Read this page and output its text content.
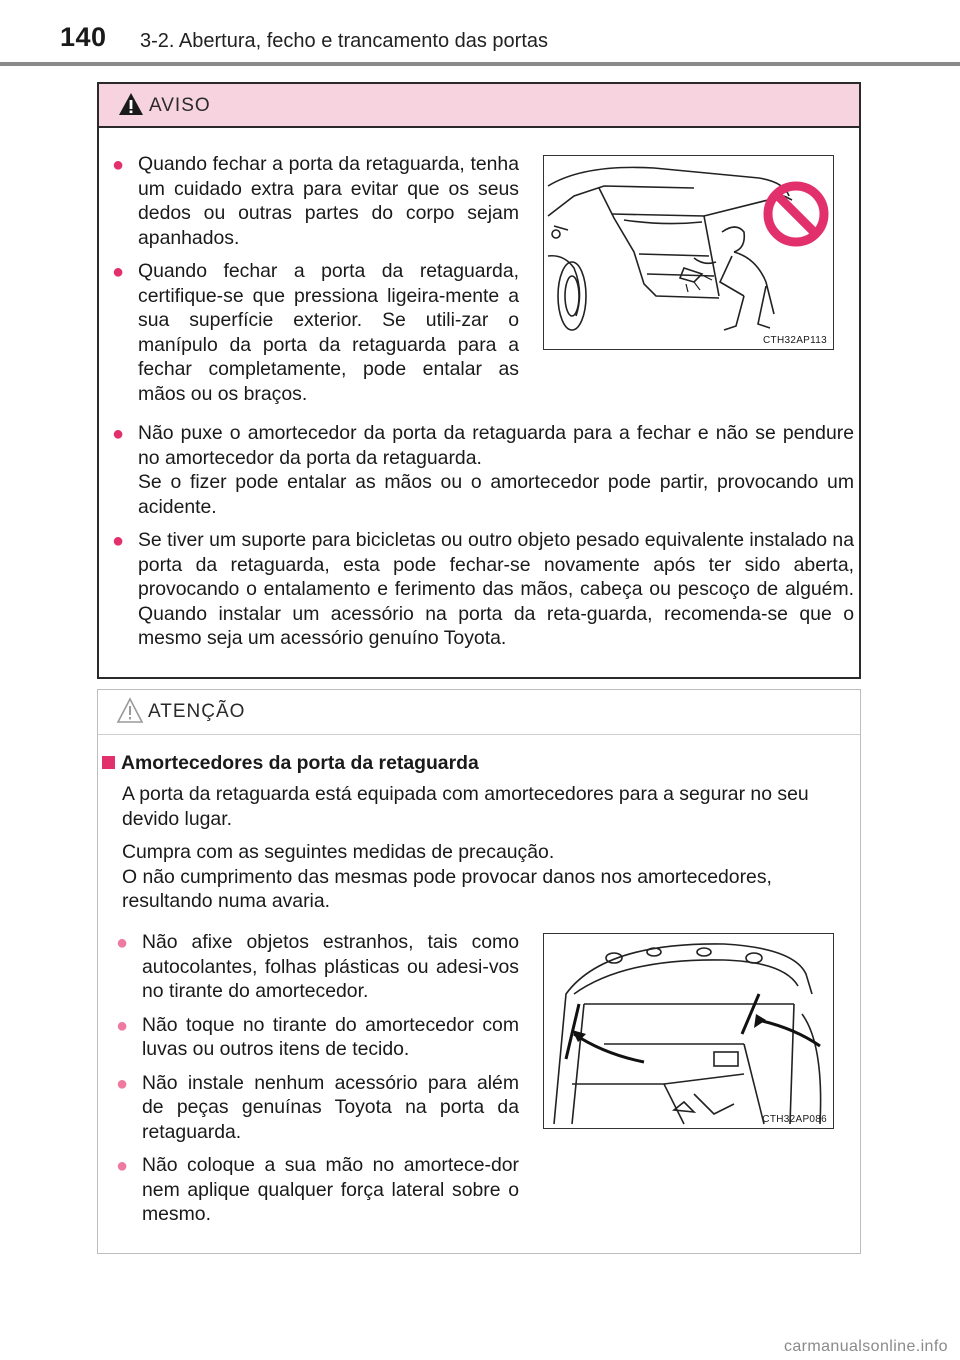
140 3-2. Abertura, fecho e trancamento das portas
AVISO
● Quando fechar a porta da retaguarda, tenha um cuidado extra para evitar que os seus dedos ou outras partes do corpo sejam apanhados.

● Quando fechar a porta da retaguarda, certifique-se que pressiona ligeira-mente a sua superfície exterior. Se utili-zar o manípulo da porta da retaguarda para a fechar completamente, pode entalar as mãos ou os braços.

CTH32AP113
● Não puxe o amortecedor da porta da retaguarda para a fechar e não se pendure no amortecedor da porta da retaguarda.

Se o fizer pode entalar as mãos ou o amortecedor pode partir, provocando um acidente.

● Se tiver um suporte para bicicletas ou outro objeto pesado equivalente instalado na porta da retaguarda, esta pode fechar-se novamente após ter sido aberta, provocando o entalamento e ferimento das mãos, cabeça ou pescoço de alguém. Quando instalar um acessório na porta da reta-guarda, recomenda-se que o mesmo seja um acessório genuíno Toyota.

ATENÇÃO
Amortecedores da porta da retaguarda

A porta da retaguarda está equipada com amortecedores para a segurar no seu devido lugar.

Cumpra com as seguintes medidas de precaução.
O não cumprimento das mesmas pode provocar danos nos amortecedores, resultando numa avaria.
● Não afixe objetos estranhos, tais como autocolantes, folhas plásticas ou adesi-vos no tirante do amortecedor.

● Não toque no tirante do amortecedor com luvas ou outros itens de tecido.

● Não instale nenhum acessório para além de peças genuínas Toyota na porta da retaguarda.

● Não coloque a sua mão no amortece-dor nem aplique qualquer força lateral sobre o mesmo.

CTH32AP086
carmanualsonline.info
